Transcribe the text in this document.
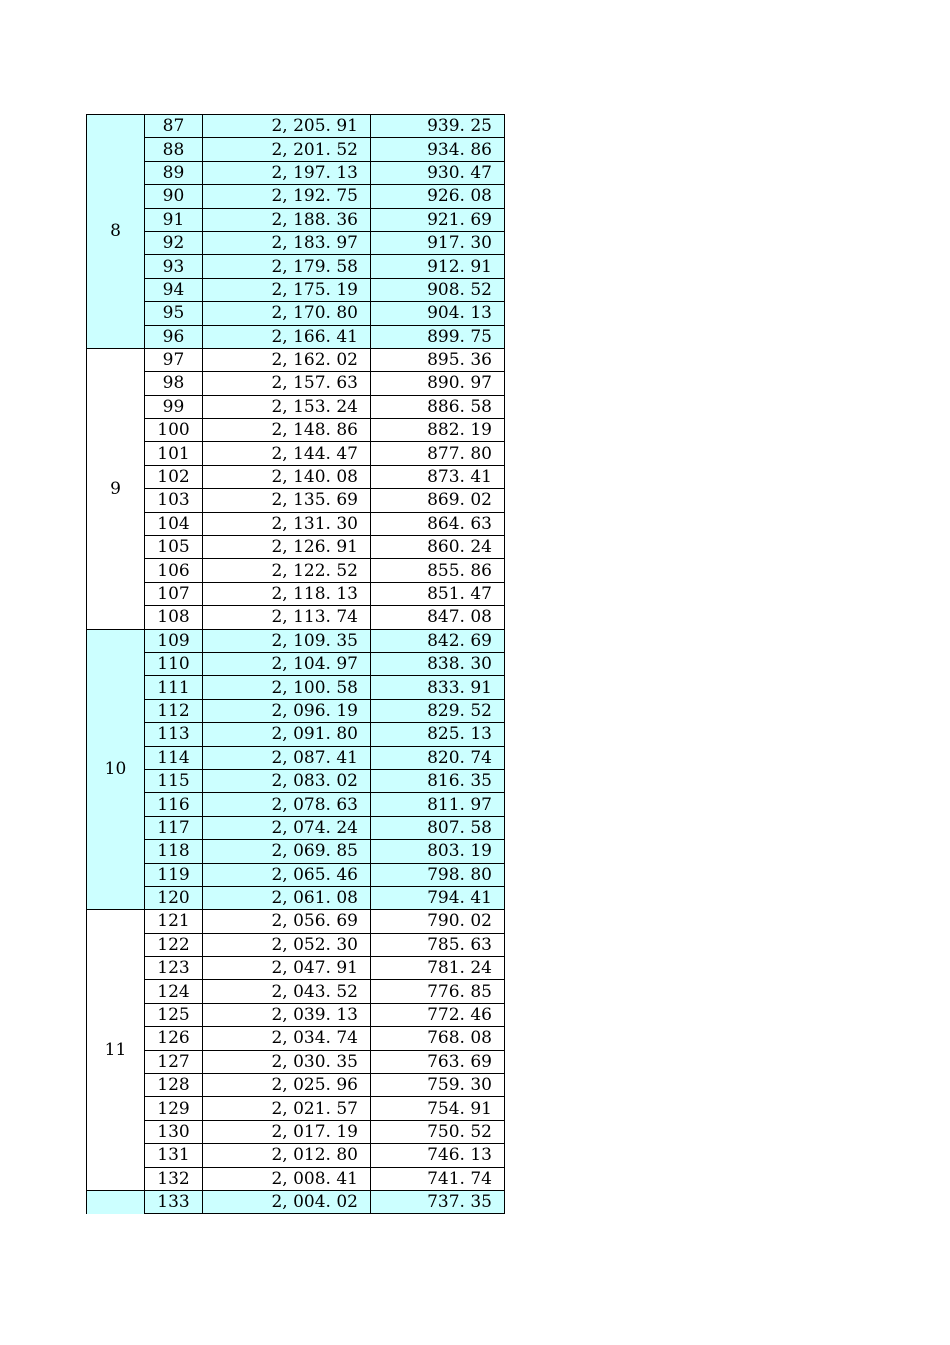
8	87	2, 205. 91	939. 25
	88	2, 201. 52	934. 86
	89	2, 197. 13	930. 47
	90	2, 192. 75	926. 08
	91	2, 188. 36	921. 69
	92	2, 183. 97	917. 30
	93	2, 179. 58	912. 91
	94	2, 175. 19	908. 52
	95	2, 170. 80	904. 13
	96	2, 166. 41	899. 75
9	97	2, 162. 02	895. 36
	98	2, 157. 63	890. 97
	99	2, 153. 24	886. 58
	100	2, 148. 86	882. 19
	101	2, 144. 47	877. 80
	102	2, 140. 08	873. 41
	103	2, 135. 69	869. 02
	104	2, 131. 30	864. 63
	105	2, 126. 91	860. 24
	106	2, 122. 52	855. 86
	107	2, 118. 13	851. 47
	108	2, 113. 74	847. 08
10	109	2, 109. 35	842. 69
	110	2, 104. 97	838. 30
	111	2, 100. 58	833. 91
	112	2, 096. 19	829. 52
	113	2, 091. 80	825. 13
	114	2, 087. 41	820. 74
	115	2, 083. 02	816. 35
	116	2, 078. 63	811. 97
	117	2, 074. 24	807. 58
	118	2, 069. 85	803. 19
	119	2, 065. 46	798. 80
	120	2, 061. 08	794. 41
11	121	2, 056. 69	790. 02
	122	2, 052. 30	785. 63
	123	2, 047. 91	781. 24
	124	2, 043. 52	776. 85
	125	2, 039. 13	772. 46
	126	2, 034. 74	768. 08
	127	2, 030. 35	763. 69
	128	2, 025. 96	759. 30
	129	2, 021. 57	754. 91
	130	2, 017. 19	750. 52
	131	2, 012. 80	746. 13
	132	2, 008. 41	741. 74
	133	2, 004. 02	737. 35
